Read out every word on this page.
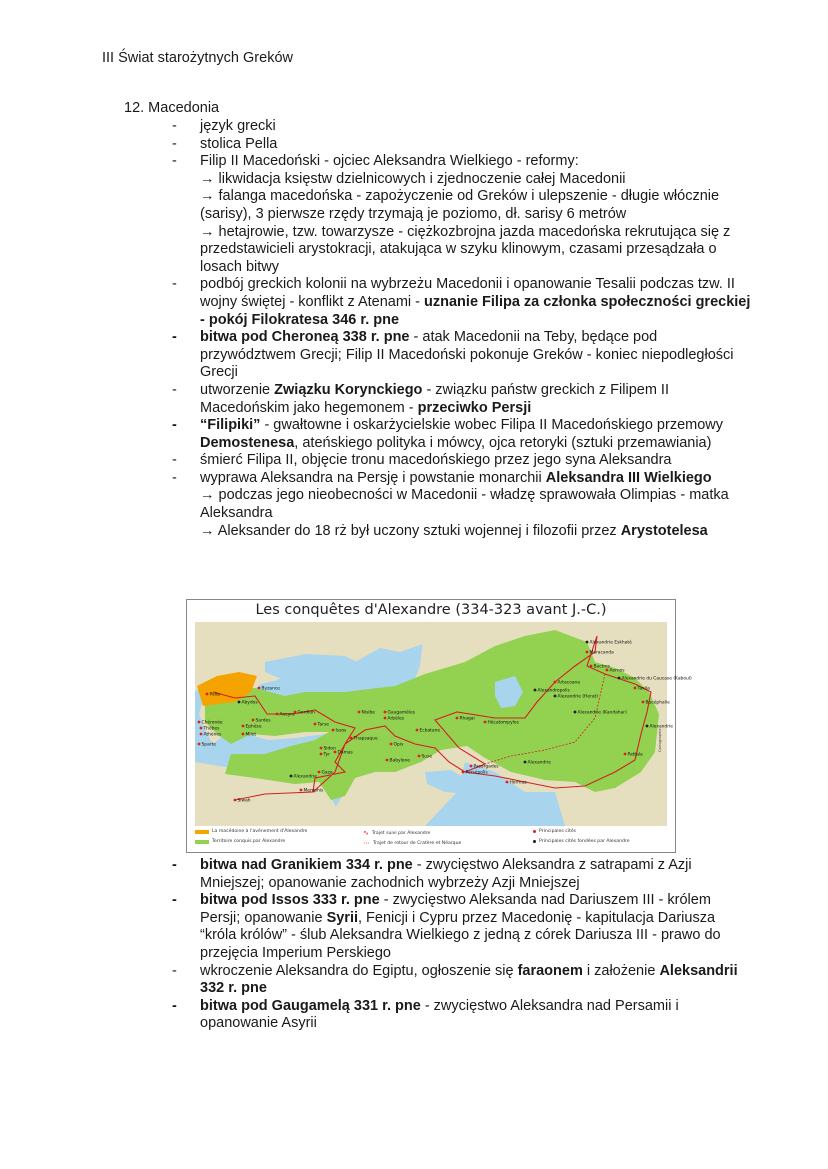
III Świat starożytnych Greków
12. Macedonia
-	język grecki
-	stolica Pella
-	Filip II Macedoński - ojciec Aleksandra Wielkiego - reformy:
→ likwidacja księstw dzielnicowych i zjednoczenie całej Macedonii
→ falanga macedońska - zapożyczenie od Greków i ulepszenie - długie włócznie (sarisy), 3 pierwsze rzędy trzymają je poziomo, dł. sarisy 6 metrów
→ hetajrowie, tzw. towarzysze - ciężkozbrojna jazda macedońska rekrutująca się z przedstawicieli arystokracji, atakująca w szyku klinowym, czasami przesądzała o losach bitwy
-	podbój greckich kolonii na wybrzeżu Macedonii i opanowanie Tesalii podczas tzw. II wojny świętej - konflikt z Atenami - uznanie Filipa za członka społeczności greckiej - pokój Filokratesa 346 r. pne
-	bitwa pod Cheroneą 338 r. pne - atak Macedonii na Teby, będące pod przywództwem Grecji; Filip II Macedoński pokonuje Greków - koniec niepodległości Grecji
-	utworzenie Związku Korynckiego - związku państw greckich z Filipem II Macedońskim jako hegemonem - przeciwko Persji
-	“Filipiki” - gwałtowne i oskarżycielskie wobec Filipa II Macedońskiego przemowy Demostenesa, ateńskiego polityka i mówcy, ojca retoryki (sztuki przemawiania)
-	śmierć Filipa II, objęcie tronu macedońskiego przez jego syna Aleksandra
-	wyprawa Aleksandra na Persję i powstanie monarchii Aleksandra III Wielkiego
→ podczas jego nieobecności w Macedonii - władzę sprawowała Olimpias - matka Aleksandra
→ Aleksander do 18 rż był uczony sztuki wojennej i filozofii przez Arystotelesa
Les conquêtes d'Alexandre (334-323 avant J.-C.)
Pella
Byzance
Abydos
Gordion
Ancyre
Sardes
Ephèse
Milet
Chéronée
Thèbes
Athènes
Sparte
Tarse
Issos
Nisibe	Gaugamèles
Arbèles
Thapsaque
Opis
Babylone
Sidon
Tyr Damas
Gaza
Alexandrie
Memphis
Siwah
Ecbatane
Rhagai
Hécatompylos
Suse
Persépolis
Pasargades
Alexandrie Eskhaté
Maracanda
Bactres
Aornos
Alexandrie du Caucase (Kaboul)
Alexandrie (Herat)
Artacoana
Alexandrie (Kandahar)
Alexandrie
Alexandrie
Pattala
Hormuz
Alexandropolis	Taxila
Bucéphalie
Cartographie
La macédoine à l'avènement d'Alexandre
Territoire conquis par Alexandre
∿ Trajet suivi par Alexandre
⋯ Trajet de retour de Cratère et Néarque
Principales cités
Principales cités fondées par Alexandre
-	bitwa nad Granikiem 334 r. pne - zwycięstwo Aleksandra z satrapami z Azji Mniejszej; opanowanie zachodnich wybrzeży Azji Mniejszej
-	bitwa pod Issos 333 r. pne - zwycięstwo Aleksanda nad Dariuszem III - królem Persji; opanowanie Syrii, Fenicji i Cypru przez Macedonię - kapitulacja Dariusza “króla królów” - ślub Aleksandra Wielkiego z jedną z córek Dariusza III - prawo do przejęcia Imperium Perskiego
-	wkroczenie Aleksandra do Egiptu, ogłoszenie się faraonem i założenie Aleksandrii 332 r. pne
-	bitwa pod Gaugamelą 331 r. pne - zwycięstwo Aleksandra nad Persamii i opanowanie Asyrii
